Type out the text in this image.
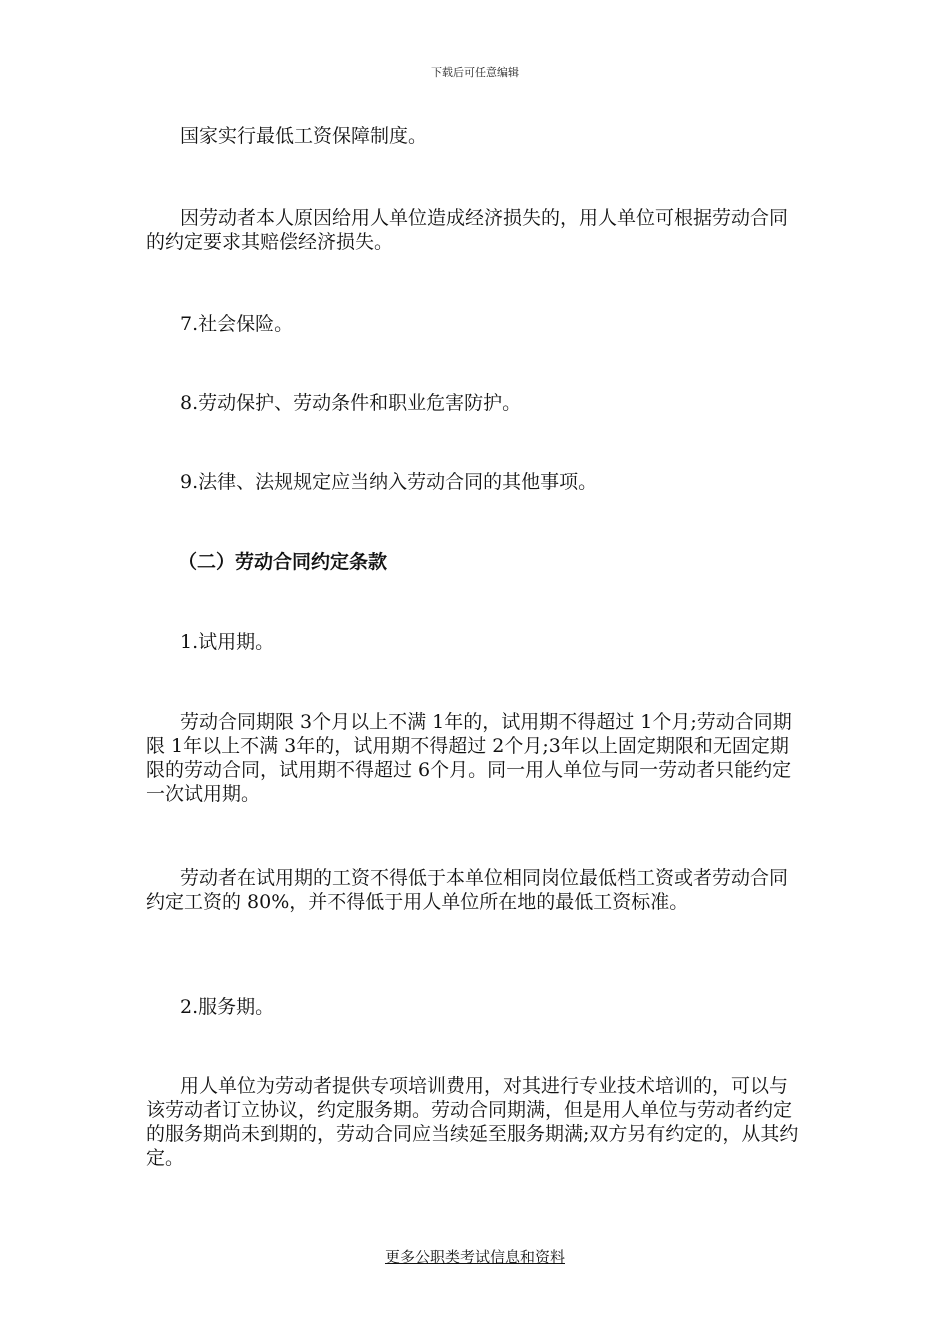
下载后可任意编辑

国家实行最低工资保障制度。

因劳动者本人原因给用人单位造成经济损失的，用人单位可根据劳动合同的约定要求其赔偿经济损失。

7.社会保险。

8.劳动保护、劳动条件和职业危害防护。

9.法律、法规规定应当纳入劳动合同的其他事项。

（二）劳动合同约定条款

1.试用期。

劳动合同期限 3个月以上不满 1年的，试用期不得超过 1个月;劳动合同期限 1年以上不满 3年的，试用期不得超过 2个月;3年以上固定期限和无固定期限的劳动合同，试用期不得超过 6个月。同一用人单位与同一劳动者只能约定一次试用期。

劳动者在试用期的工资不得低于本单位相同岗位最低档工资或者劳动合同约定工资的 80%，并不得低于用人单位所在地的最低工资标准。

2.服务期。

用人单位为劳动者提供专项培训费用，对其进行专业技术培训的，可以与该劳动者订立协议，约定服务期。劳动合同期满，但是用人单位与劳动者约定的服务期尚未到期的，劳动合同应当续延至服务期满;双方另有约定的，从其约定。

更多公职类考试信息和资料
